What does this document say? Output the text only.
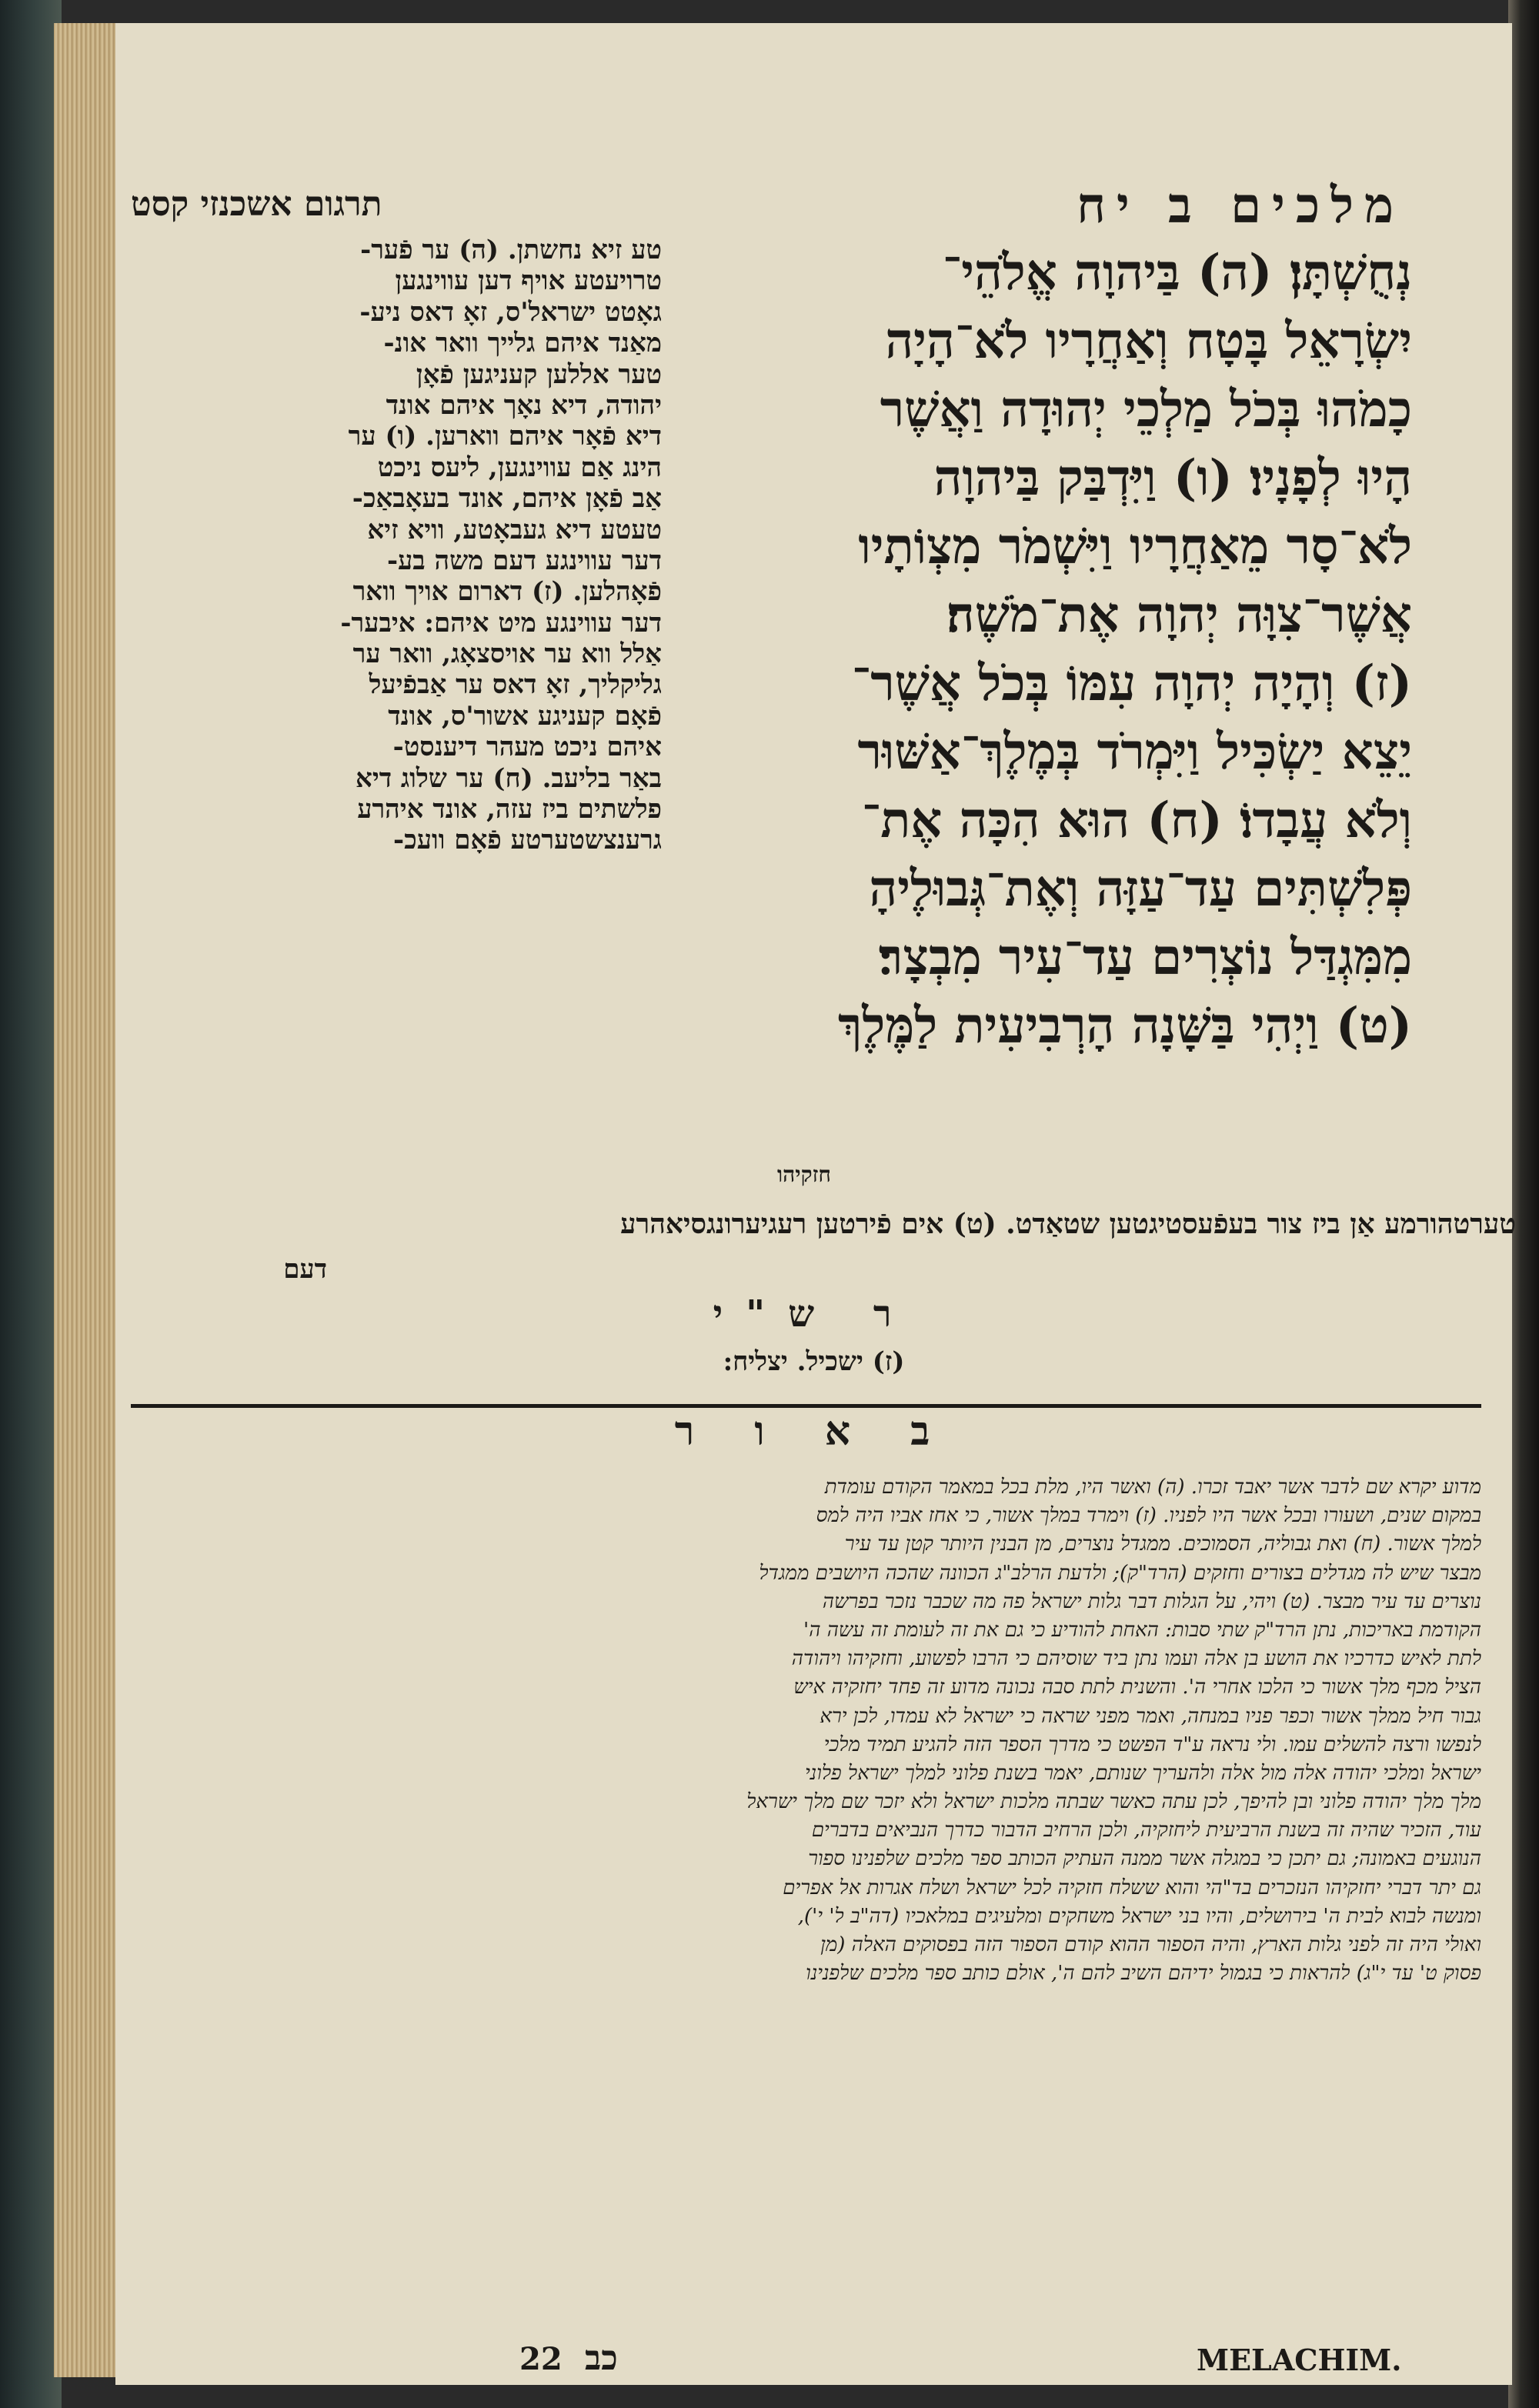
מלכים ב יח
תרגום אשכנזי קסט
נְחֻשְׁתָּן׃ (ה) בַּיהוָה אֱלֹהֵי־
יִשְׂרָאֵל בָּטָח וְאַחֲרָיו לֹא־הָיָה
כָמֹהוּ בְּכֹל מַלְכֵי יְהוּדָה וַאֲשֶׁר
הָיוּ לְפָנָיו׃ (ו) וַיִּדְבַּק בַּיהוָה
לֹא־סָר מֵאַחֲרָיו וַיִּשְׁמֹר מִצְוֹתָיו
אֲשֶׁר־צִוָּה יְהוָה אֶת־מֹשֶׁה׃
(ז) וְהָיָה יְהוָה עִמּוֹ בְּכֹל אֲשֶׁר־
יֵצֵא יַשְׂכִּיל וַיִּמְרֹד בְּמֶלֶךְ־אַשּׁוּר
וְלֹא עֲבָדוֹ׃ (ח) הוּא הִכָּה אֶת־
פְּלִשְׁתִּים עַד־עַזָּה וְאֶת־גְּבוּלֶיהָ
מִמִּגְדַּל נוֹצְרִים עַד־עִיר מִבְצָר׃
(ט) וַיְהִי בַּשָּׁנָה הָרְבִיעִית לַמֶּלֶךְ
חזקיהו
טע זיא נחשתן. (ה) ער פֿער-
טרויעטע אויף דען עווינגען
גאָטט ישראל'ס, זאָ דאס ניע-
מאַנד איהם גלייך וואר אונ-
טער אללען קעניגען פֿאָן
יהודה, דיא נאָך איהם אונד
דיא פֿאָר איהם ווארען. (ו) ער
הינג אַם עווינגען, ליעס ניכט
אַב פֿאָן איהם, אונד בעאָבאַכ-
טעטע דיא געבאָטע, וויא זיא
דער עווינגע דעם משה בע-
פֿאָהלען. (ז) דארום אויך וואר
דער עווינגע מיט איהם: איבער-
אַלל ווא ער אויסצאָג, וואר ער
גליקליך, זאָ דאס ער אַבפֿיעל
פֿאָם קעניגע אשור'ס, אונד
איהם ניכט מעהר דיענסט-
באַר בליעב. (ח) ער שלוג דיא
פלשתים ביז עזה, אונד איהרע
גרענצשטערטע פֿאָם וועכ-
טערטהורמע אַן ביז צור בעפֿעסטיגטען שטאַדט. (ט) אים פֿירטען רעגיערונגסיאהרע
דעם
ר ש"י
(ז) ישכיל. יצליח:
ב א ו ר
מדוע יקרא שם לדבר אשר יאבד זכרו. (ה) ואשר היו, מלת בכל במאמר הקודם עומדת
במקום שנים, ושעורו ובכל אשר היו לפניו. (ז) וימרד במלך אשור, כי אחז אביו היה למס
למלך אשור. (ח) ואת גבוליה, הסמוכים. ממגדל נוצרים, מן הבנין היותר קטן עד עיר
מבצר שיש לה מגדלים בצורים וחזקים (הרד"ק); ולדעת הרלב"ג הכוונה שהכה היושבים ממגדל
נוצרים עד עיר מבצר. (ט) ויהי, על הגלות דבר גלות ישראל פה מה שכבר נזכר בפרשה
הקודמת באריכות, נתן הרד"ק שתי סבות: האחת להודיע כי גם את זה לעומת זה עשה ה'
לתת לאיש כדרכיו את הושע בן אלה ועמו נתן ביד שוסיהם כי הרבו לפשוע, וחזקיהו ויהודה
הציל מכף מלך אשור כי הלכו אחרי ה'. והשנית לתת סבה נכונה מדוע זה פחד יחזקיה איש
גבור חיל ממלך אשור וכפר פניו במנחה, ואמר מפני שראה כי ישראל לא עמדו, לכן ירא
לנפשו ורצה להשלים עמו. ולי נראה ע"ד הפשט כי מדרך הספר הזה להגיע תמיד מלכי
ישראל ומלכי יהודה אלה מול אלה ולהעריך שנותם, יאמר בשנת פלוני למלך ישראל פלוני
מלך מלך יהודה פלוני ובן להיפך, לכן עתה כאשר שבתה מלכות ישראל ולא יזכר שם מלך ישראל
עוד, הזכיר שהיה זה בשנת הרביעית ליחזקיה, ולכן הרחיב הדבור כדרך הנביאים בדברים
הנוגעים באמונה; גם יתכן כי במגלה אשר ממנה העתיק הכותב ספר מלכים שלפנינו ספור
גם יתר דברי יחזקיהו הנזכרים בד"הי והוא ששלח חזקיה לכל ישראל ושלח אגרות אל אפרים
ומנשה לבוא לבית ה' בירושלים, והיו בני ישראל משחקים ומלעיגים במלאכיו (דה"ב ל' י'),
ואולי היה זה לפני גלות הארץ, והיה הספור ההוא קודם הספור הזה בפסוקים האלה (מן
פסוק ט' עד י"ג) להראות כי בגמול ידיהם השיב להם ה', אולם כותב ספר מלכים שלפנינו
כב
22	MELACHIM.
